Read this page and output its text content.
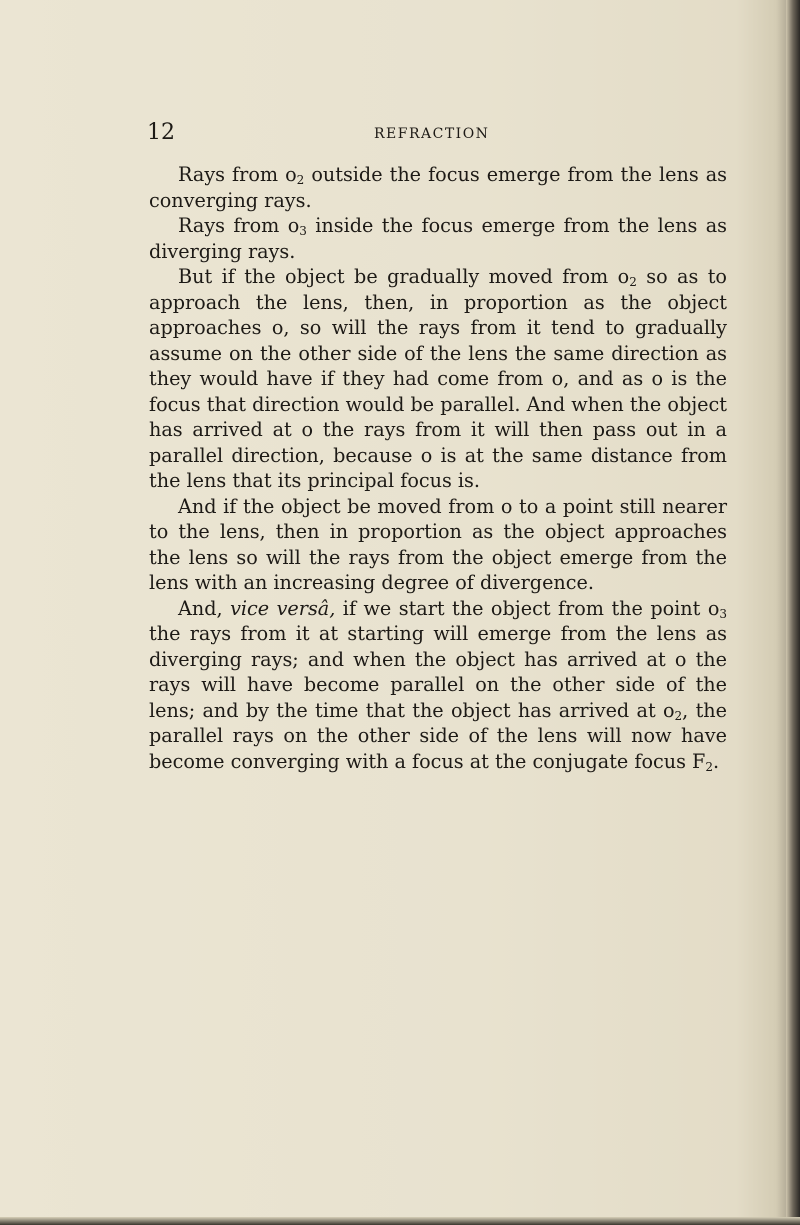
12	REFRACTION

Rays from $o_2$ outside the focus emerge from the lens as converging rays.

Rays from $o_3$ inside the focus emerge from the lens as diverging rays.

But if the object be gradually moved from $o_2$ so as to approach the lens, then, in proportion as the object approaches o, so will the rays from it tend to gradually assume on the other side of the lens the same direction as they would have if they had come from o, and as o is the focus that direction would be parallel. And when the object has arrived at o the rays from it will then pass out in a parallel direction, because o is at the same distance from the lens that its principal focus is.

And if the object be moved from o to a point still nearer to the lens, then in proportion as the object approaches the lens so will the rays from the object emerge from the lens with an increasing degree of divergence.

And, vice versâ, if we start the object from the point $o_3$ the rays from it at starting will emerge from the lens as diverging rays; and when the object has arrived at o the rays will have become parallel on the other side of the lens; and by the time that the object has arrived at $o_2$, the parallel rays on the other side of the lens will now have become converging with a focus at the conjugate focus $F_2$.
